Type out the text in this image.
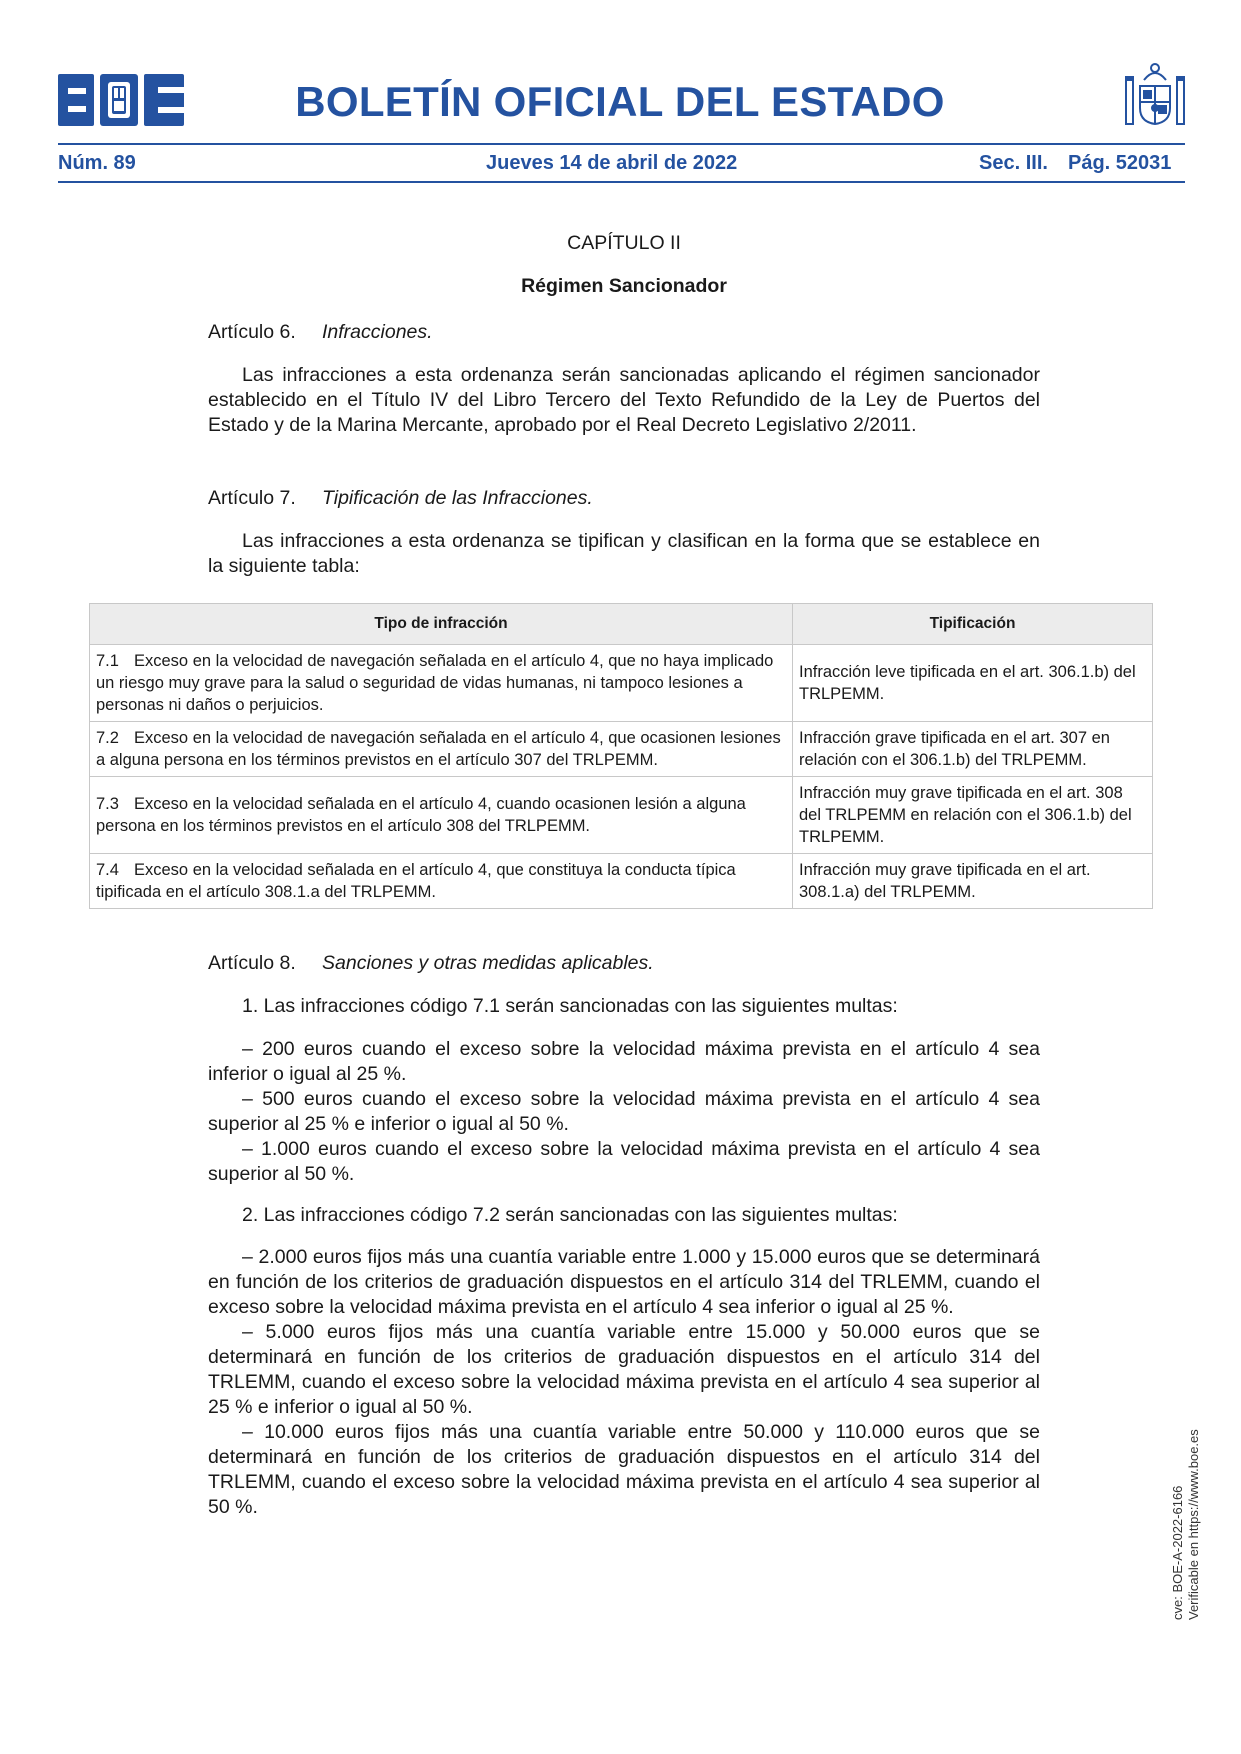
BOLETÍN OFICIAL DEL ESTADO
Núm. 89	Jueves 14 de abril de 2022	Sec. III. Pág. 52031
CAPÍTULO II
Régimen Sancionador
Artículo 6. Infracciones.
Las infracciones a esta ordenanza serán sancionadas aplicando el régimen sancionador establecido en el Título IV del Libro Tercero del Texto Refundido de la Ley de Puertos del Estado y de la Marina Mercante, aprobado por el Real Decreto Legislativo 2/2011.
Artículo 7. Tipificación de las Infracciones.
Las infracciones a esta ordenanza se tipifican y clasifican en la forma que se establece en la siguiente tabla:
Tipo de infracción	Tipificación
7.1 Exceso en la velocidad de navegación señalada en el artículo 4, que no haya implicado un riesgo muy grave para la salud o seguridad de vidas humanas, ni tampoco lesiones a personas ni daños o perjuicios.	Infracción leve tipificada en el art. 306.1.b) del TRLPEMM.
7.2 Exceso en la velocidad de navegación señalada en el artículo 4, que ocasionen lesiones a alguna persona en los términos previstos en el artículo 307 del TRLPEMM.	Infracción grave tipificada en el art. 307 en relación con el 306.1.b) del TRLPEMM.
7.3 Exceso en la velocidad señalada en el artículo 4, cuando ocasionen lesión a alguna persona en los términos previstos en el artículo 308 del TRLPEMM.	Infracción muy grave tipificada en el art. 308 del TRLPEMM en relación con el 306.1.b) del TRLPEMM.
7.4 Exceso en la velocidad señalada en el artículo 4, que constituya la conducta típica tipificada en el artículo 308.1.a del TRLPEMM.	Infracción muy grave tipificada en el art. 308.1.a) del TRLPEMM.
Artículo 8. Sanciones y otras medidas aplicables.
1. Las infracciones código 7.1 serán sancionadas con las siguientes multas:

– 200 euros cuando el exceso sobre la velocidad máxima prevista en el artículo 4 sea inferior o igual al 25 %.

– 500 euros cuando el exceso sobre la velocidad máxima prevista en el artículo 4 sea superior al 25 % e inferior o igual al 50 %.

– 1.000 euros cuando el exceso sobre la velocidad máxima prevista en el artículo 4 sea superior al 50 %.

2. Las infracciones código 7.2 serán sancionadas con las siguientes multas:

– 2.000 euros fijos más una cuantía variable entre 1.000 y 15.000 euros que se determinará en función de los criterios de graduación dispuestos en el artículo 314 del TRLEMM, cuando el exceso sobre la velocidad máxima prevista en el artículo 4 sea inferior o igual al 25 %.

– 5.000 euros fijos más una cuantía variable entre 15.000 y 50.000 euros que se determinará en función de los criterios de graduación dispuestos en el artículo 314 del TRLEMM, cuando el exceso sobre la velocidad máxima prevista en el artículo 4 sea superior al 25 % e inferior o igual al 50 %.

– 10.000 euros fijos más una cuantía variable entre 50.000 y 110.000 euros que se determinará en función de los criterios de graduación dispuestos en el artículo 314 del TRLEMM, cuando el exceso sobre la velocidad máxima prevista en el artículo 4 sea superior al 50 %.	cve: BOE-A-2022-6166 Verificable en https://www.boe.es
